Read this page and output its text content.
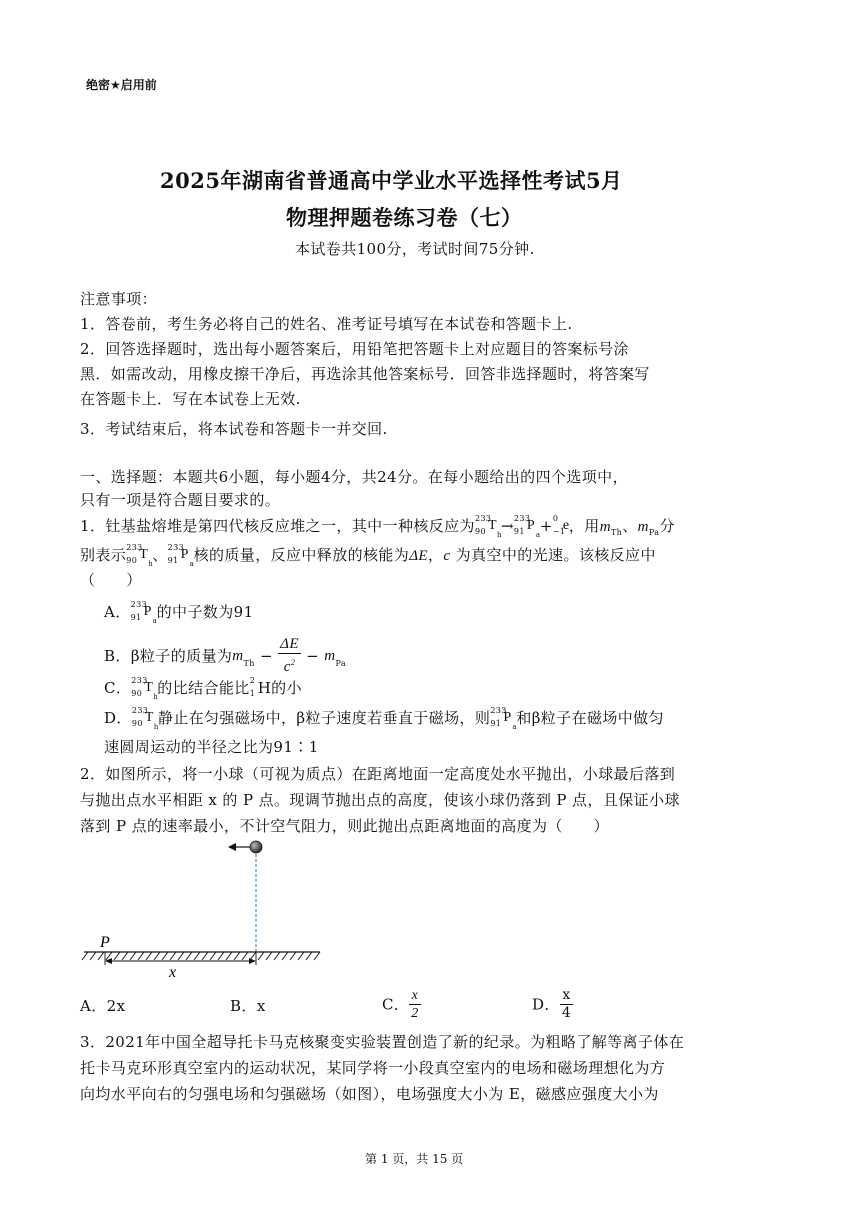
绝密★启用前
2025年湖南省普通高中学业水平选择性考试5月
物理押题卷练习卷（七）
本试卷共100分，考试时间75分钟.
注意事项：
1．答卷前，考生务必将自己的姓名、准考证号填写在本试卷和答题卡上.
2．回答选择题时，选出每小题答案后，用铅笔把答题卡上对应题目的答案标号涂
黑．如需改动，用橡皮擦干净后，再选涂其他答案标号．回答非选择题时，将答案写
在答题卡上．写在本试卷上无效.
3．考试结束后，将本试卷和答题卡一并交回.
一、选择题：本题共6小题，每小题4分，共24分。在每小题给出的四个选项中，
只有一项是符合题目要求的。
1．钍基盐熔堆是第四代核反应堆之一，其中一种核反应为 233
90 T
h → 233
91 P
a + 0
−1
e ，用$m_{Th}$、$m_{Pa}$分
别表示 233
90 T
h 、 233
91 P
a 核的质量，反应中释放的核能为ΔE，c 为真空中的光速。该核反应中
（　　）
A． 233
91 P
a 的中子数为91
B．β粒子的质量为$m_{Th} - \frac{\Delta E}{c^2} - m_{Pa}$
C． 233
90 T
h 的比结合能比 2
1 H的小
D． 233
90 T
h 静止在匀强磁场中，β粒子速度若垂直于磁场，则 233
91 P
a 和β粒子在磁场中做匀
速圆周运动的半径之比为91∶1
2．如图所示，将一小球（可视为质点）在距离地面一定高度处水平抛出，小球最后落到
与抛出点水平相距 x 的 P 点。现调节抛出点的高度，使该小球仍落到 P 点，且保证小球
落到 P 点的速率最小，不计空气阻力，则此抛出点距离地面的高度为（　　）
P
x
A．2x	B．x	C． $\frac{x}{2}$	D． $\frac{x}{4}$
3．2021年中国全超导托卡马克核聚变实验装置创造了新的纪录。为粗略了解等离子体在
托卡马克环形真空室内的运动状况，某同学将一小段真空室内的电场和磁场理想化为方
向均水平向右的匀强电场和匀强磁场（如图），电场强度大小为 E，磁感应强度大小为
第 1 页，共 15 页
